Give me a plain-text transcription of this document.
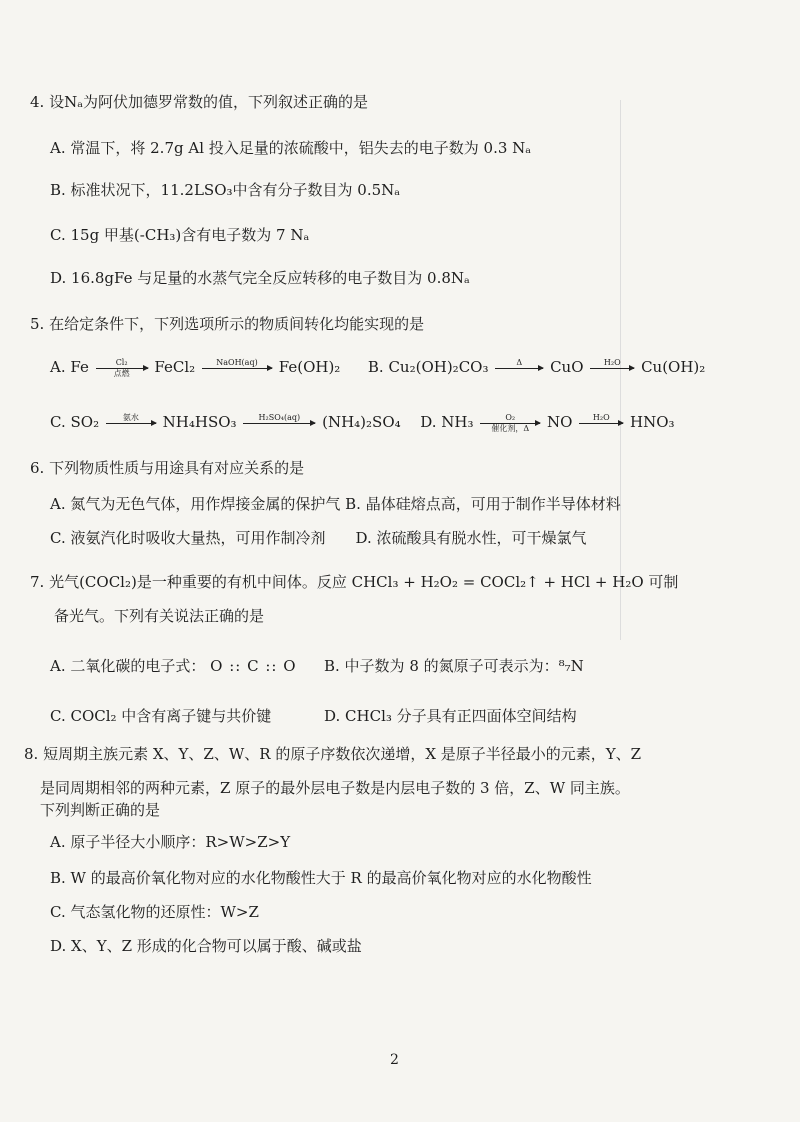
4. 设Nₐ为阿伏加德罗常数的值，下列叙述正确的是
A. 常温下，将 2.7g Al 投入足量的浓硫酸中，铝失去的电子数为 0.3 Nₐ
B. 标准状况下，11.2LSO₃中含有分子数目为 0.5Nₐ
C. 15g 甲基(-CH₃)含有电子数为 7 Nₐ
D. 16.8gFe 与足量的水蒸气完全反应转移的电子数目为 0.8Nₐ
5. 在给定条件下，下列选项所示的物质间转化均能实现的是
A. Fe	Cl₂
点燃	FeCl₂	NaOH(aq)
	Fe(OH)₂ B. Cu₂(OH)₂CO₃	Δ
	CuO	H₂O
	Cu(OH)₂
C. SO₂	氨水
	NH₄HSO₃	H₂SO₄(aq)
	(NH₄)₂SO₄ D. NH₃	O₂
催化剂，Δ	NO	H₂O
	HNO₃
6. 下列物质性质与用途具有对应关系的是
A. 氮气为无色气体，用作焊接金属的保护气 B. 晶体硅熔点高，可用于制作半导体材料
C. 液氨汽化时吸收大量热，可用作制冷剂　　D. 浓硫酸具有脱水性，可干燥氯气
7. 光气(COCl₂)是一种重要的有机中间体。反应 CHCl₃ + H₂O₂ = COCl₂↑ + HCl + H₂O 可制
备光气。下列有关说法正确的是
A. 二氧化碳的电子式： O :: C :: O B. 中子数为 8 的氮原子可表示为：⁸₇N
C. COCl₂ 中含有离子键与共价键	D. CHCl₃ 分子具有正四面体空间结构
8. 短周期主族元素 X、Y、Z、W、R 的原子序数依次递增，X 是原子半径最小的元素，Y、Z
是同周期相邻的两种元素，Z 原子的最外层电子数是内层电子数的 3 倍，Z、W 同主族。
下列判断正确的是
A. 原子半径大小顺序：R>W>Z>Y
B. W 的最高价氧化物对应的水化物酸性大于 R 的最高价氧化物对应的水化物酸性
C. 气态氢化物的还原性：W>Z
D. X、Y、Z 形成的化合物可以属于酸、碱或盐
2
